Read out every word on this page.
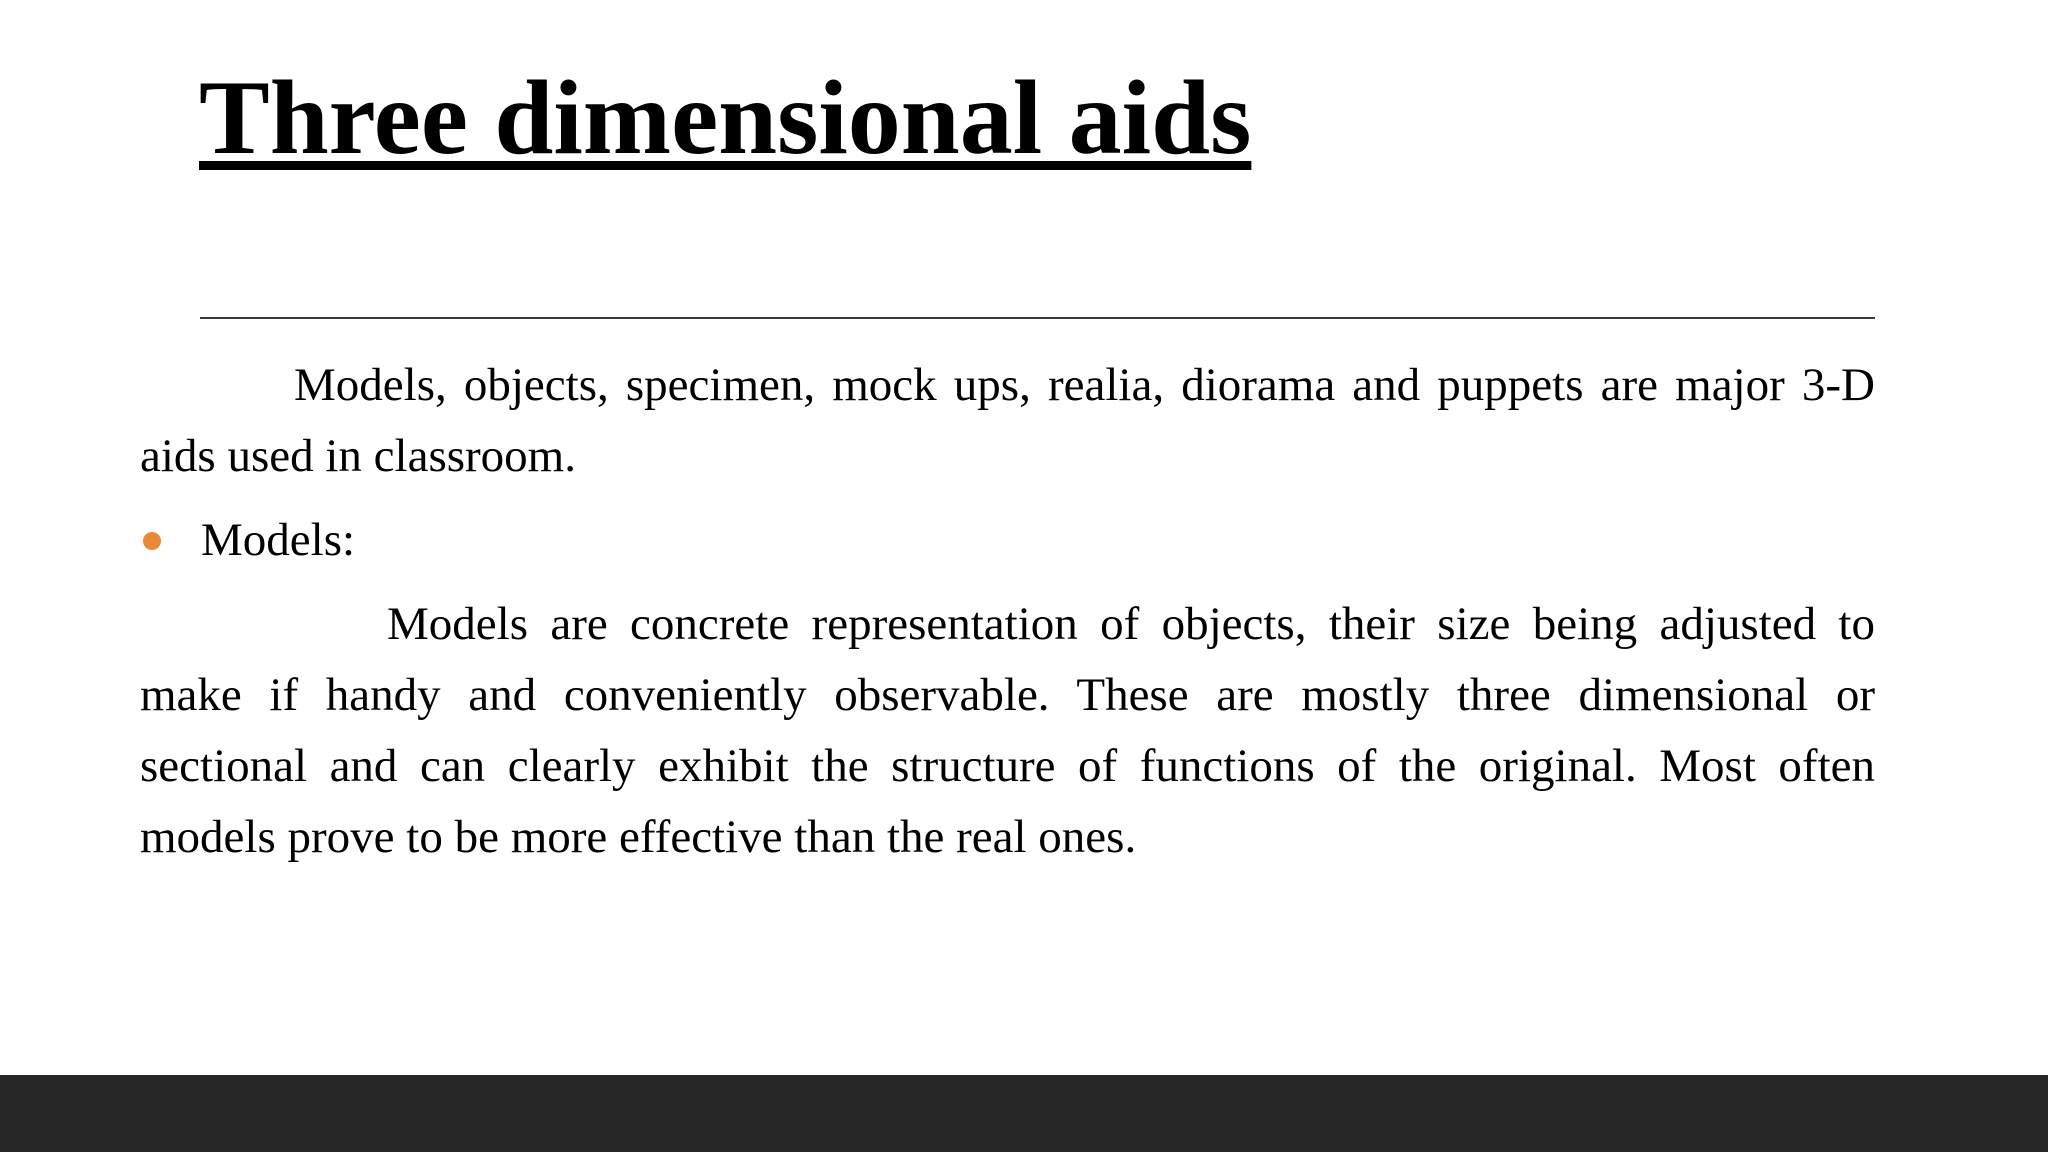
Three dimensional aids

Models, objects, specimen, mock ups, realia, diorama and puppets are major 3-D aids used in classroom.

Models:

Models are concrete representation of objects, their size being adjusted to make if handy and conveniently observable. These are mostly three dimensional or sectional and can clearly exhibit the structure of functions of the original. Most often models prove to be more effective than the real ones.
